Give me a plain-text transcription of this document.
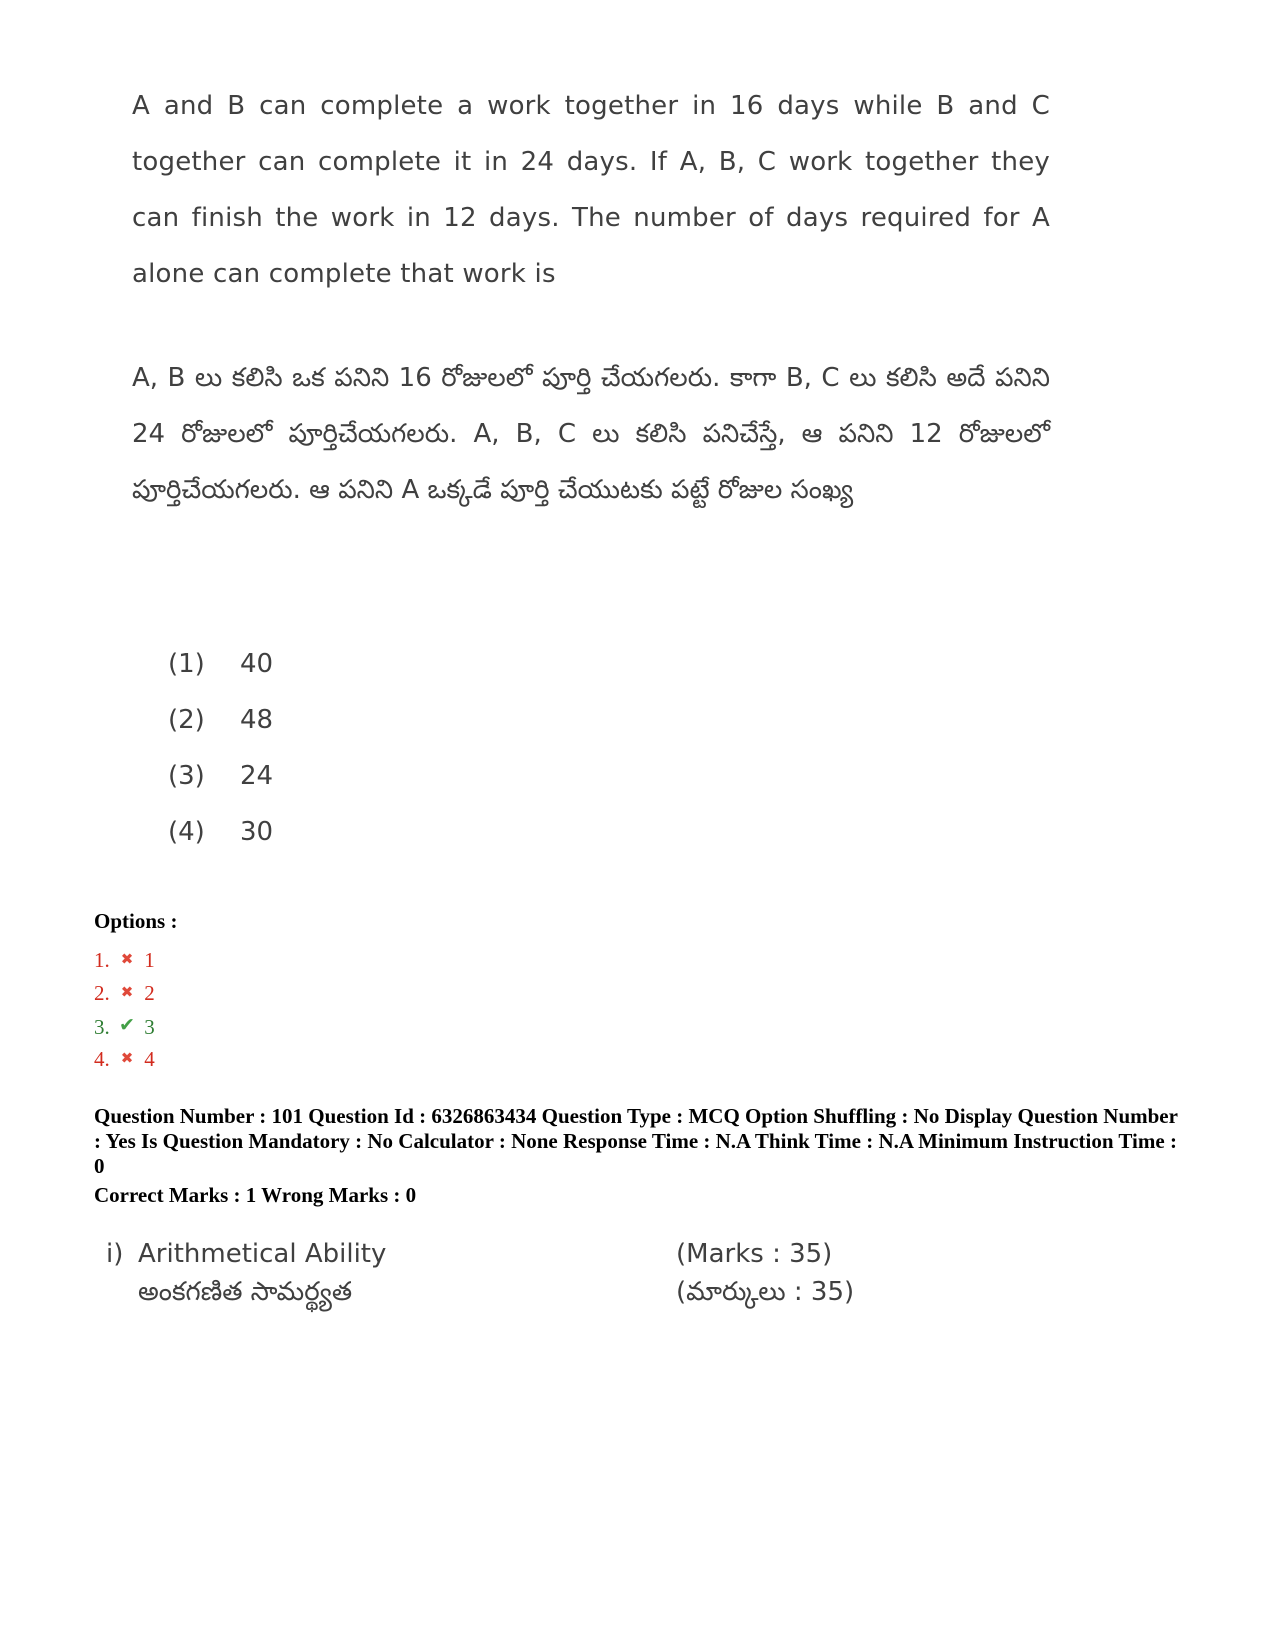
A and B can complete a work together in 16 days while B and C together can complete it in 24 days. If A, B, C work together they can finish the work in 12 days. The number of days required for A alone can complete that work is

A, B లు కలిసి ఒక పనిని 16 రోజులలో పూర్తి చేయగలరు. కాగా B, C లు కలిసి అదే పనిని 24 రోజులలో పూర్తిచేయగలరు. A, B, C లు కలిసి పనిచేస్తే, ఆ పనిని 12 రోజులలో పూర్తిచేయగలరు. ఆ పనిని A ఒక్కడే పూర్తి చేయుటకు పట్టే రోజుల సంఖ్య

(1) 40
(2) 48
(3) 24
(4) 30
Options :
1. ✖ 1
2. ✖ 2
3. ✔ 3
4. ✖ 4
Question Number : 101 Question Id : 6326863434 Question Type : MCQ Option Shuffling : No Display Question Number : Yes Is Question Mandatory : No Calculator : None Response Time : N.A Think Time : N.A Minimum Instruction Time : 0
Correct Marks : 1 Wrong Marks : 0
i) Arithmetical Ability
అంకగణిత సామర్థ్యత
(Marks : 35)
(మార్కులు : 35)
